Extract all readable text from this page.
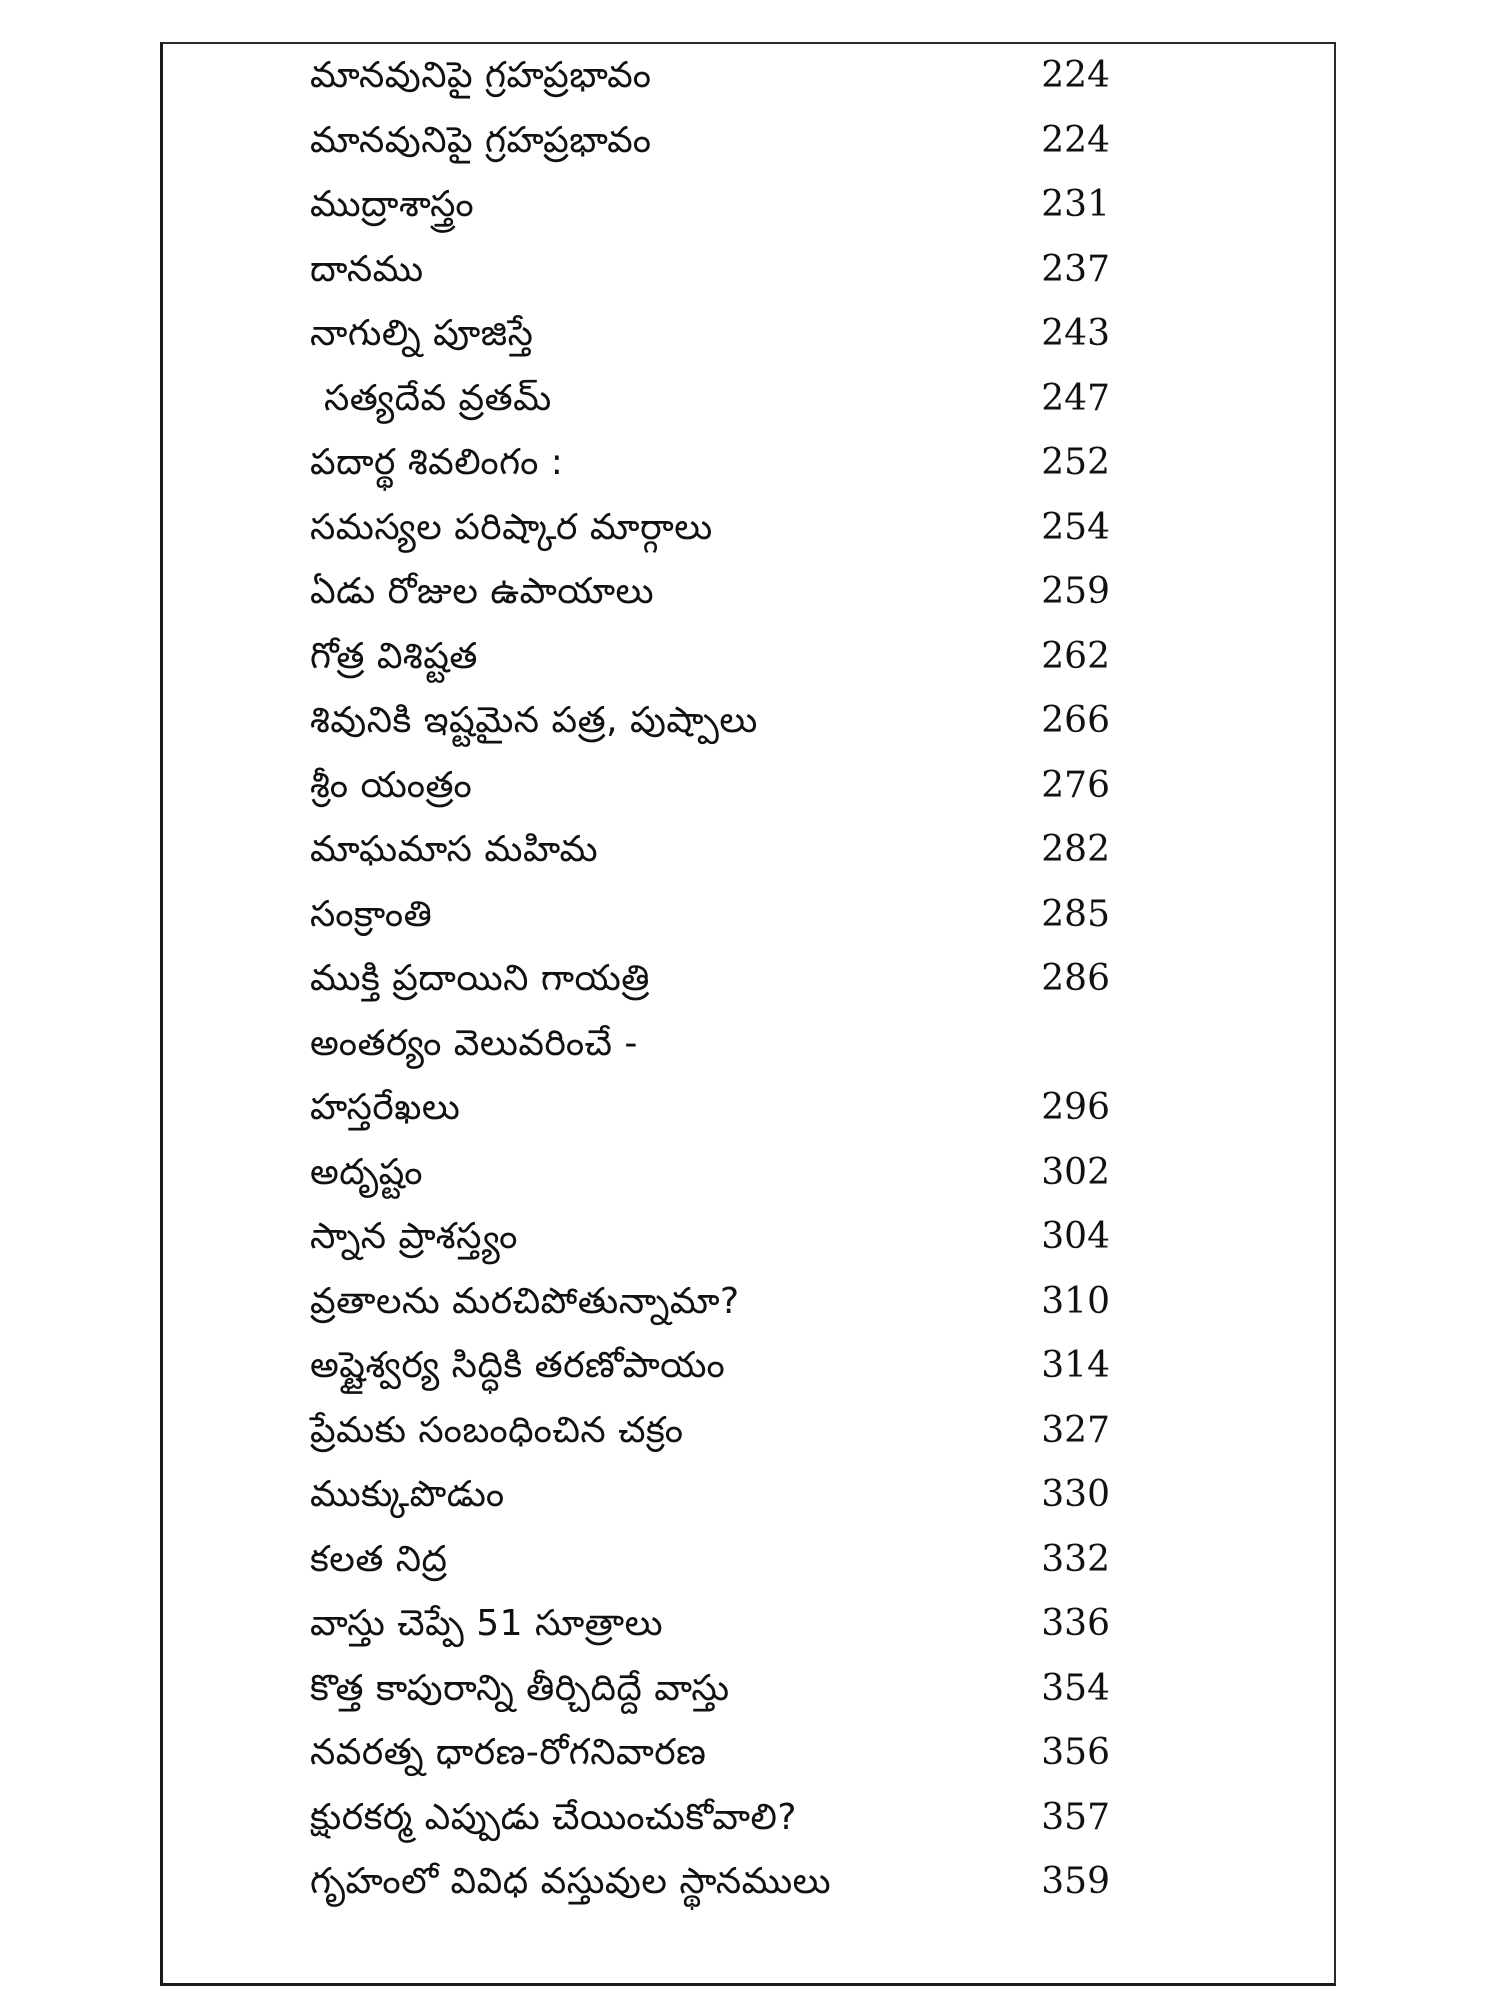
మానవునిపై గ్రహప్రభావం	224
మానవునిపై గ్రహప్రభావం	224
ముద్రాశాస్త్రం	231
దానము	237
నాగుల్ని పూజిస్తే	243
సత్యదేవ వ్రతమ్	247
పదార్థ శివలింగం :	252
సమస్యల పరిష్కార మార్గాలు	254
ఏడు రోజుల ఉపాయాలు	259
గోత్ర విశిష్టత	262
శివునికి ఇష్టమైన పత్ర, పుష్పాలు	266
శ్రీం యంత్రం	276
మాఘమాస మహిమ	282
సంక్రాంతి	285
ముక్తి ప్రదాయిని గాయత్రి	286
అంతర్యం వెలువరించే -
హస్తరేఖలు	296
అదృష్టం	302
స్నాన ప్రాశస్త్యం	304
వ్రతాలను మరచిపోతున్నామా?	310
అష్టైశ్వర్య సిద్ధికి తరణోపాయం	314
ప్రేమకు సంబంధించిన చక్రం	327
ముక్కుపొడుం	330
కలత నిద్ర	332
వాస్తు చెప్పే 51 సూత్రాలు	336
కొత్త కాపురాన్ని తీర్చిదిద్దే వాస్తు	354
నవరత్న ధారణ-రోగనివారణ	356
క్షురకర్మ ఎప్పుడు చేయించుకోవాలి?	357
గృహంలో వివిధ వస్తువుల స్థానములు	359
